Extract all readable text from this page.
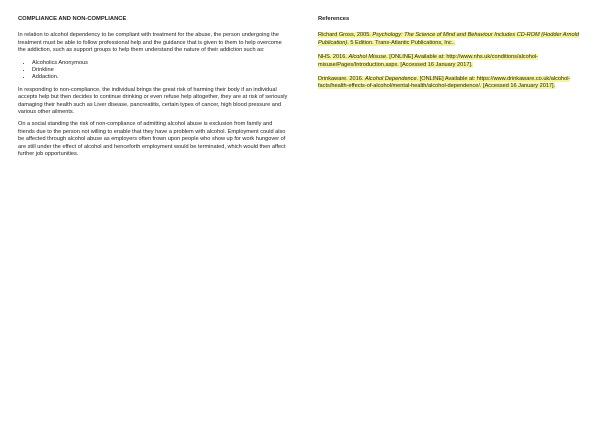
COMPLIANCE AND NON-COMPLIANCE

In relation to alcohol dependency to be compliant with treatment for the abuse, the person undergoing the treatment must be able to follow professional help and the guidance that is given to them to help overcome the addiction, such as support groups to help them understand the nature of their addiction such as:

• Alcoholics Anonymous
• Drinkline
• Addaction.

In responding to non-compliance, the individual brings the great risk of harming their body if an individual accepts help but then decides to continue drinking or even refuse help altogether, they are at risk of seriously damaging their health such as Liver disease, pancreatitis, certain types of cancer, high blood pressure and various other ailments.

On a social standing the risk of non-compliance of admitting alcohol abuse is exclusion from family and friends due to the person not willing to enable that they have a problem with alcohol. Employment could also be affected through alcohol abuse as employers often frown upon people who show up for work hungover of are still under the effect of alcohol and henceforth employment would be terminated, which would then affect further job opportunities.

References
Richard Gross, 2005. Psychology: The Science of Mind and Behaviour Includes CD-ROM (Hodder Arnold Publication). 5 Edition. Trans-Atlantic Publications, Inc..
NHS. 2016. Alcohol Misuse. [ONLINE] Available at: http://www.nhs.uk/conditions/alcohol-misuse/Pages/Introduction.aspx. [Accessed 16 January 2017].
Drinkaware. 2016. Alcohol Dependence. [ONLINE] Available at: https://www.drinkaware.co.uk/alcohol-facts/health-effects-of-alcohol/mental-health/alcohol-dependence/. [Accessed 16 January 2017].
